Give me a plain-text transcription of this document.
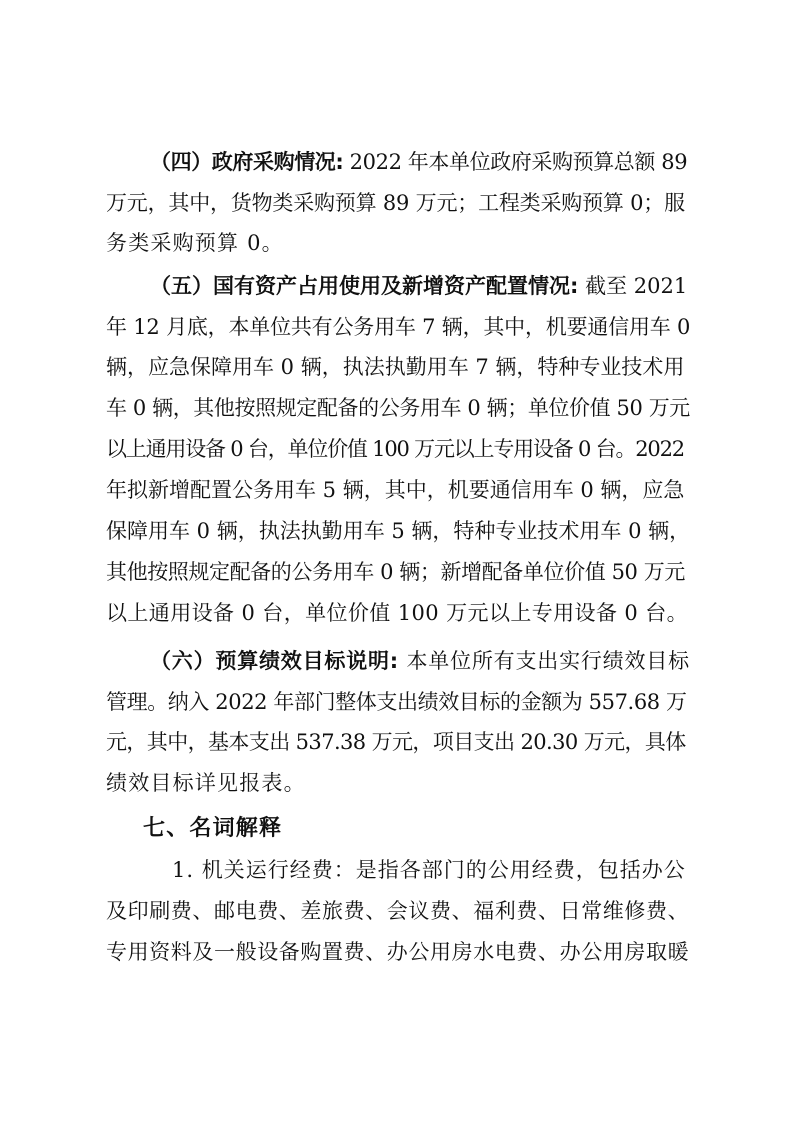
（四）政府采购情况: 2022 年本单位政府采购预算总额 89
万元，其中，货物类采购预算 89 万元；工程类采购预算 0；服
务类采购预算 0。
（五）国有资产占用使用及新增资产配置情况: 截至 2021
年 12 月底，本单位共有公务用车 7 辆，其中，机要通信用车 0
辆，应急保障用车 0 辆，执法执勤用车 7 辆，特种专业技术用
车 0 辆，其他按照规定配备的公务用车 0 辆；单位价值 50 万元
以上通用设备 0 台，单位价值 100 万元以上专用设备 0 台。2022
年拟新增配置公务用车 5 辆，其中，机要通信用车 0 辆，应急
保障用车 0 辆，执法执勤用车 5 辆，特种专业技术用车 0 辆，
其他按照规定配备的公务用车 0 辆；新增配备单位价值 50 万元
以上通用设备 0 台，单位价值 100 万元以上专用设备 0 台。
（六）预算绩效目标说明: 本单位所有支出实行绩效目标
管理。纳入 2022 年部门整体支出绩效目标的金额为 557.68 万
元，其中，基本支出 537.38 万元，项目支出 20.30 万元，具体
绩效目标详见报表。
七、名词解释
1. 机关运行经费：是指各部门的公用经费，包括办公
及印刷费、邮电费、差旅费、会议费、福利费、日常维修费、
专用资料及一般设备购置费、办公用房水电费、办公用房取暖
